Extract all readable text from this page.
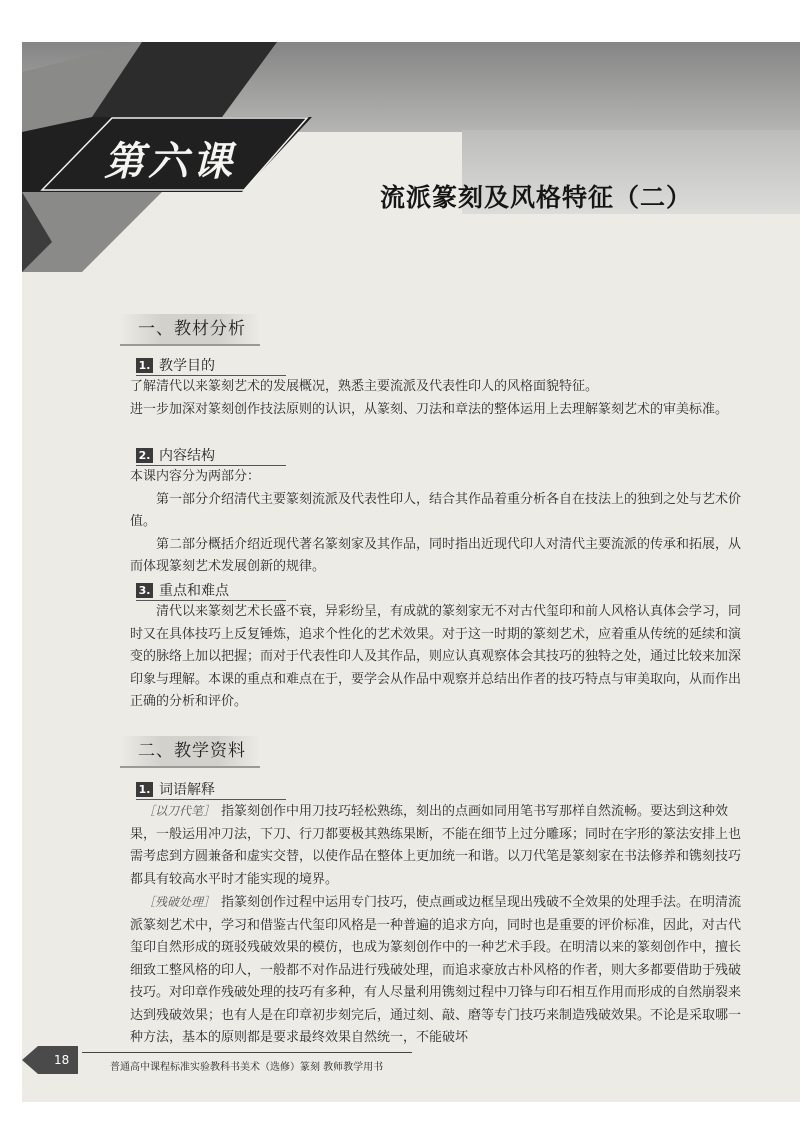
第六课
流派篆刻及风格特征（二）
一、教材分析
1. 教学目的
了解清代以来篆刻艺术的发展概况，熟悉主要流派及代表性印人的风格面貌特征。
进一步加深对篆刻创作技法原则的认识，从篆刻、刀法和章法的整体运用上去理解篆刻艺术的审美标准。
2. 内容结构
本课内容分为两部分：
第一部分介绍清代主要篆刻流派及代表性印人，结合其作品着重分析各自在技法上的独到之处与艺术价值。
第二部分概括介绍近现代著名篆刻家及其作品，同时指出近现代印人对清代主要流派的传承和拓展，从而体现篆刻艺术发展创新的规律。
3. 重点和难点
清代以来篆刻艺术长盛不衰，异彩纷呈，有成就的篆刻家无不对古代玺印和前人风格认真体会学习，同时又在具体技巧上反复锤炼，追求个性化的艺术效果。对于这一时期的篆刻艺术，应着重从传统的延续和演变的脉络上加以把握；而对于代表性印人及其作品，则应认真观察体会其技巧的独特之处，通过比较来加深印象与理解。本课的重点和难点在于，要学会从作品中观察并总结出作者的技巧特点与审美取向，从而作出正确的分析和评价。
二、教学资料
1. 词语解释
［以刀代笔］ 指篆刻创作中用刀技巧轻松熟练，刻出的点画如同用笔书写那样自然流畅。要达到这种效果，一般运用冲刀法，下刀、行刀都要极其熟练果断，不能在细节上过分雕琢；同时在字形的篆法安排上也需考虑到方圆兼备和虚实交替，以使作品在整体上更加统一和谐。以刀代笔是篆刻家在书法修养和镌刻技巧都具有较高水平时才能实现的境界。
［残破处理］ 指篆刻创作过程中运用专门技巧，使点画或边框呈现出残破不全效果的处理手法。在明清流派篆刻艺术中，学习和借鉴古代玺印风格是一种普遍的追求方向，同时也是重要的评价标准，因此，对古代玺印自然形成的斑驳残破效果的模仿，也成为篆刻创作中的一种艺术手段。在明清以来的篆刻创作中，擅长细致工整风格的印人，一般都不对作品进行残破处理，而追求豪放古朴风格的作者，则大多都要借助于残破技巧。对印章作残破处理的技巧有多种，有人尽量利用镌刻过程中刀锋与印石相互作用而形成的自然崩裂来达到残破效果；也有人是在印章初步刻完后，通过刻、敲、磨等专门技巧来制造残破效果。不论是采取哪一种方法，基本的原则都是要求最终效果自然统一，不能破坏
18
普通高中课程标准实验教科书美术（选修）篆刻 教师教学用书
